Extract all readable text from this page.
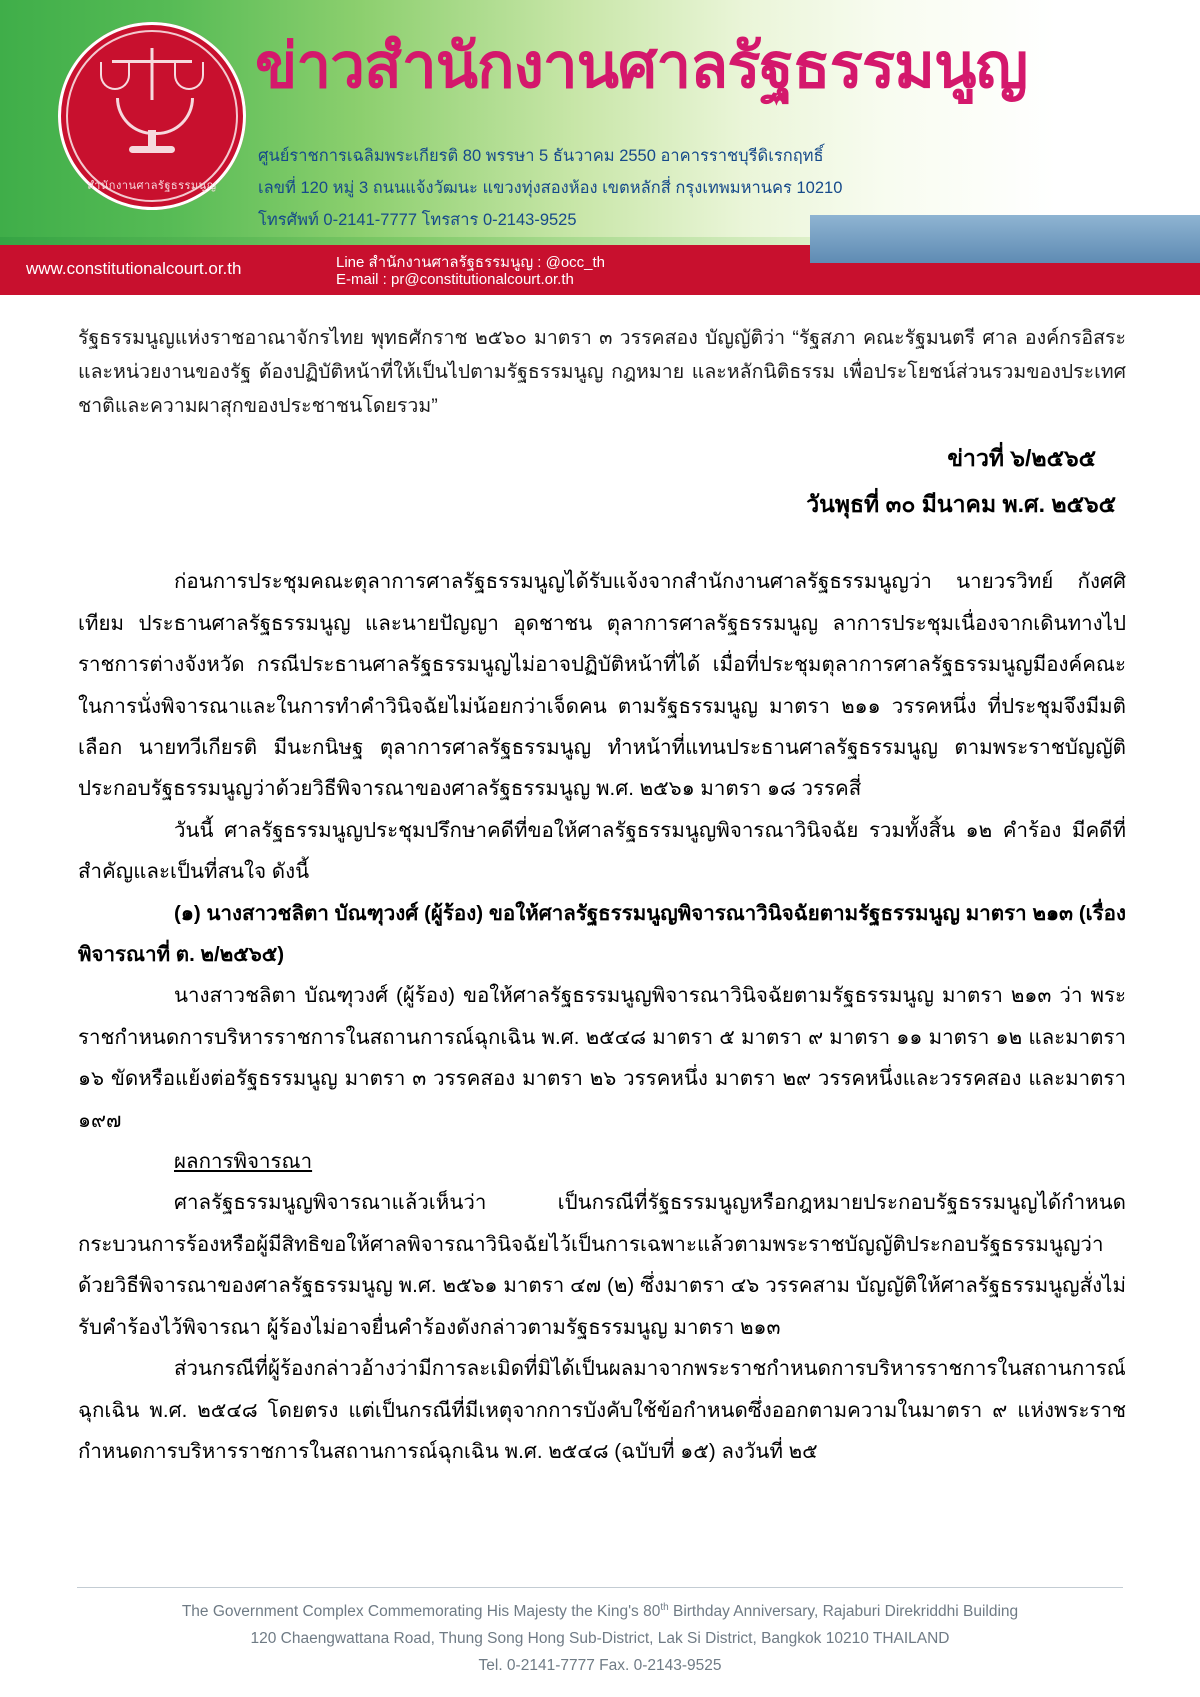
สำนักงานศาลรัฐธรรมนูญ
ข่าวสำนักงานศาลรัฐธรรมนูญ
ศูนย์ราชการเฉลิมพระเกียรติ 80 พรรษา 5 ธันวาคม 2550 อาคารราชบุรีดิเรกฤทธิ์
เลขที่ 120 หมู่ 3 ถนนแจ้งวัฒนะ แขวงทุ่งสองห้อง เขตหลักสี่ กรุงเทพมหานคร 10210
โทรศัพท์ 0-2141-7777 โทรสาร 0-2143-9525
www.constitutionalcourt.or.th	Line สำนักงานศาลรัฐธรรมนูญ : @occ_th
E-mail : pr@constitutionalcourt.or.th
รัฐธรรมนูญแห่งราชอาณาจักรไทย พุทธศักราช ๒๕๖๐ มาตรา ๓ วรรคสอง บัญญัติว่า “รัฐสภา คณะรัฐมนตรี ศาล องค์กรอิสระ และหน่วยงานของรัฐ ต้องปฏิบัติหน้าที่ให้เป็นไปตามรัฐธรรมนูญ กฎหมาย และหลักนิติธรรม เพื่อประโยชน์ส่วนรวมของประเทศชาติและความผาสุกของประชาชนโดยรวม”
ข่าวที่ ๖/๒๕๖๕
วันพุธที่ ๓๐ มีนาคม พ.ศ. ๒๕๖๕

ก่อนการประชุมคณะตุลาการศาลรัฐธรรมนูญได้รับแจ้งจากสำนักงานศาลรัฐธรรมนูญว่า นายวรวิทย์ กังศศิเทียม ประธานศาลรัฐธรรมนูญ และนายปัญญา อุดชาชน ตุลาการศาลรัฐธรรมนูญ ลาการประชุมเนื่องจากเดินทางไปราชการต่างจังหวัด กรณีประธานศาลรัฐธรรมนูญไม่อาจปฏิบัติหน้าที่ได้ เมื่อที่ประชุมตุลาการศาลรัฐธรรมนูญมีองค์คณะในการนั่งพิจารณาและในการทำคำวินิจฉัยไม่น้อยกว่าเจ็ดคน ตามรัฐธรรมนูญ มาตรา ๒๑๑ วรรคหนึ่ง ที่ประชุมจึงมีมติเลือก นายทวีเกียรติ มีนะกนิษฐ ตุลาการศาลรัฐธรรมนูญ ทำหน้าที่แทนประธานศาลรัฐธรรมนูญ ตามพระราชบัญญัติประกอบรัฐธรรมนูญว่าด้วยวิธีพิจารณาของศาลรัฐธรรมนูญ พ.ศ. ๒๕๖๑ มาตรา ๑๘ วรรคสี่

วันนี้ ศาลรัฐธรรมนูญประชุมปรึกษาคดีที่ขอให้ศาลรัฐธรรมนูญพิจารณาวินิจฉัย รวมทั้งสิ้น ๑๒ คำร้อง มีคดีที่สำคัญและเป็นที่สนใจ ดังนี้

(๑) นางสาวชลิตา บัณฑุวงศ์ (ผู้ร้อง) ขอให้ศาลรัฐธรรมนูญพิจารณาวินิจฉัยตามรัฐธรรมนูญ มาตรา ๒๑๓ (เรื่องพิจารณาที่ ต. ๒/๒๕๖๕)

นางสาวชลิตา บัณฑุวงศ์ (ผู้ร้อง) ขอให้ศาลรัฐธรรมนูญพิจารณาวินิจฉัยตามรัฐธรรมนูญ มาตรา ๒๑๓ ว่า พระราชกำหนดการบริหารราชการในสถานการณ์ฉุกเฉิน พ.ศ. ๒๕๔๘ มาตรา ๕ มาตรา ๙ มาตรา ๑๑ มาตรา ๑๒ และมาตรา ๑๖ ขัดหรือแย้งต่อรัฐธรรมนูญ มาตรา ๓ วรรคสอง มาตรา ๒๖ วรรคหนึ่ง มาตรา ๒๙ วรรคหนึ่งและวรรคสอง และมาตรา ๑๙๗

ผลการพิจารณา

ศาลรัฐธรรมนูญพิจารณาแล้วเห็นว่า เป็นกรณีที่รัฐธรรมนูญหรือกฎหมายประกอบรัฐธรรมนูญได้กำหนดกระบวนการร้องหรือผู้มีสิทธิขอให้ศาลพิจารณาวินิจฉัยไว้เป็นการเฉพาะแล้วตามพระราชบัญญัติประกอบรัฐธรรมนูญว่าด้วยวิธีพิจารณาของศาลรัฐธรรมนูญ พ.ศ. ๒๕๖๑ มาตรา ๔๗ (๒) ซึ่งมาตรา ๔๖ วรรคสาม บัญญัติให้ศาลรัฐธรรมนูญสั่งไม่รับคำร้องไว้พิจารณา ผู้ร้องไม่อาจยื่นคำร้องดังกล่าวตามรัฐธรรมนูญ มาตรา ๒๑๓

ส่วนกรณีที่ผู้ร้องกล่าวอ้างว่ามีการละเมิดที่มิได้เป็นผลมาจากพระราชกำหนดการบริหารราชการในสถานการณ์ฉุกเฉิน พ.ศ. ๒๕๔๘ โดยตรง แต่เป็นกรณีที่มีเหตุจากการบังคับใช้ข้อกำหนดซึ่งออกตามความในมาตรา ๙ แห่งพระราชกำหนดการบริหารราชการในสถานการณ์ฉุกเฉิน พ.ศ. ๒๕๔๘ (ฉบับที่ ๑๕) ลงวันที่ ๒๕

The Government Complex Commemorating His Majesty the King's 80th Birthday Anniversary, Rajaburi Direkriddhi Building
120 Chaengwattana Road, Thung Song Hong Sub-District, Lak Si District, Bangkok 10210 THAILAND
Tel. 0-2141-7777 Fax. 0-2143-9525
